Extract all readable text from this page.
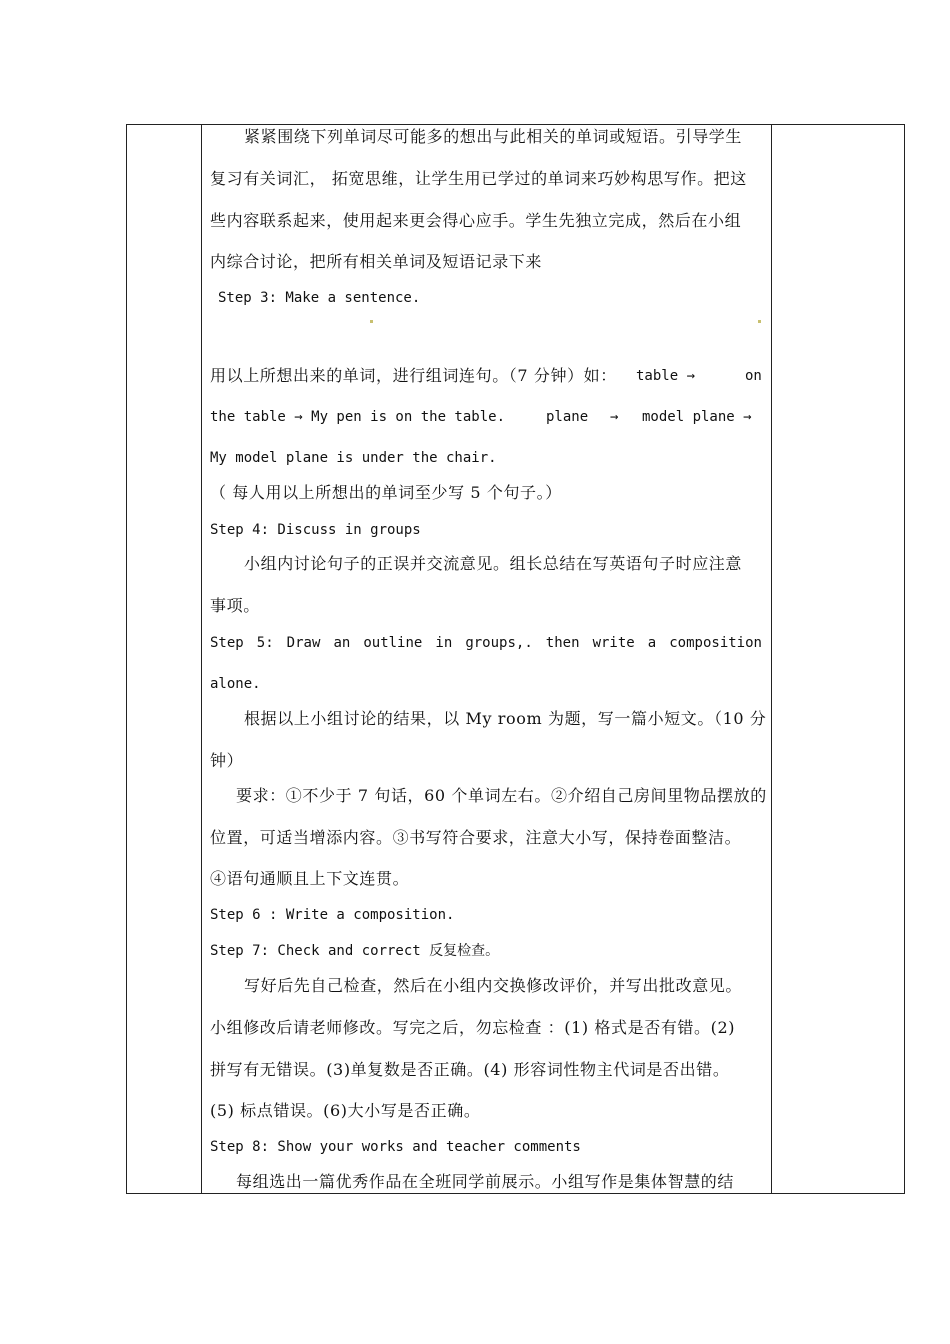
紧紧围绕下列单词尽可能多的想出与此相关的单词或短语。引导学生
复习有关词汇， 拓宽思维，让学生用已学过的单词来巧妙构思写作。把这
些内容联系起来，使用起来更会得心应手。学生先独立完成，然后在小组
内综合讨论，把所有相关单词及短语记录下来
Step 3: Make a sentence.
用以上所想出来的单词，进行组词连句。（7 分钟）如： table →	on
the table → My pen is on the table.	plane → model plane →
My model plane is under the chair.
（ 每人用以上所想出的单词至少写 5 个句子。）
Step 4: Discuss in groups
小组内讨论句子的正误并交流意见。组长总结在写英语句子时应注意
事项。
Step 5: Draw an outline in groups,. then write a composition
alone.
根据以上小组讨论的结果，以 My room 为题，写一篇小短文。（10 分
钟）
要求：①不少于 7 句话，60 个单词左右。②介绍自己房间里物品摆放的
位置，可适当增添内容。③书写符合要求，注意大小写，保持卷面整洁。
④语句通顺且上下文连贯。
Step 6 : Write a composition.
Step 7: Check and correct 反复检查。
写好后先自己检查，然后在小组内交换修改评价，并写出批改意见。
小组修改后请老师修改。写完之后，勿忘检查 ：(1) 格式是否有错。(2)
拼写有无错误。(3)单复数是否正确。(4) 形容词性物主代词是否出错。
(5) 标点错误。(6)大小写是否正确。
Step 8: Show your works and teacher comments
每组选出一篇优秀作品在全班同学前展示。小组写作是集体智慧的结
